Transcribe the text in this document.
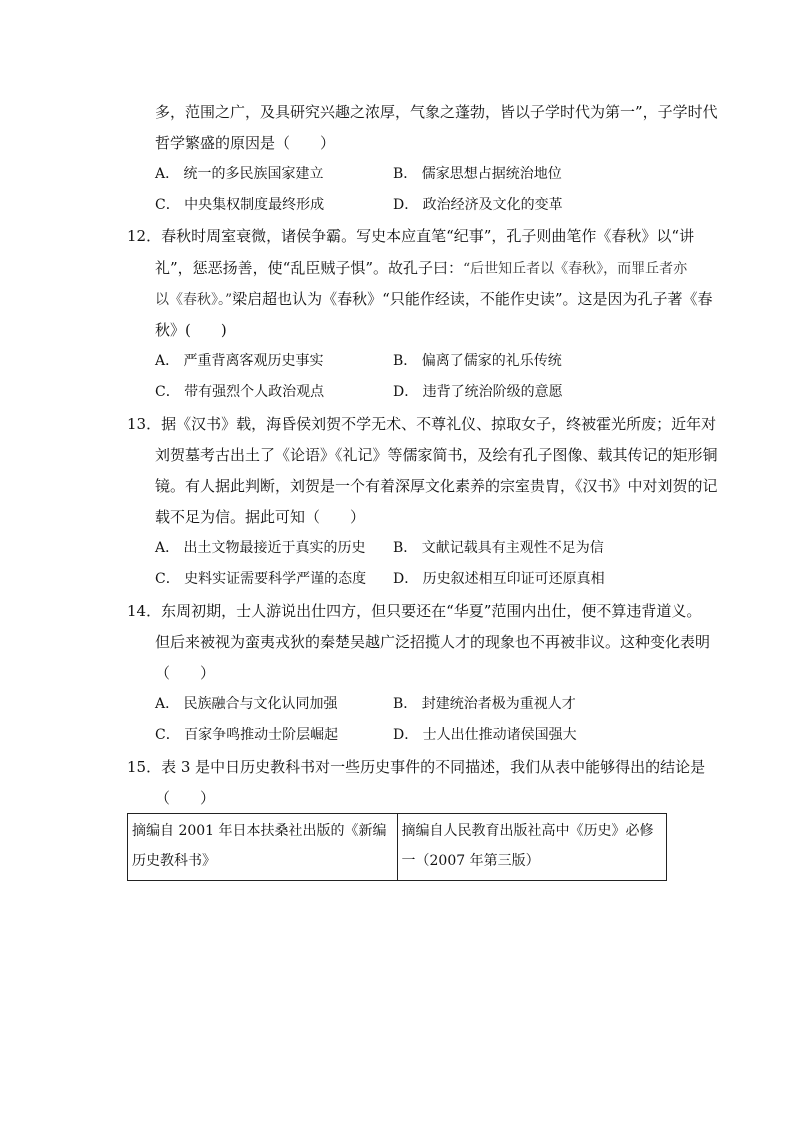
多，范围之广，及具研究兴趣之浓厚，气象之蓬勃，皆以子学时代为第一”，子学时代
哲学繁盛的原因是（　　）
A． 统一的多民族国家建立	B． 儒家思想占据统治地位
C． 中央集权制度最终形成	D． 政治经济及文化的变革
12．春秋时周室衰微，诸侯争霸。写史本应直笔“纪事”，孔子则曲笔作《春秋》以“讲
礼”，惩恶扬善，使“乱臣贼子惧”。故孔子曰：“后世知丘者以《春秋》，而罪丘者亦
以《春秋》。”梁启超也认为《春秋》“只能作经读，不能作史读”。这是因为孔子著《春
秋》(　　)
A． 严重背离客观历史事实	B． 偏离了儒家的礼乐传统
C． 带有强烈个人政治观点	D． 违背了统治阶级的意愿
13．据《汉书》载，海昏侯刘贺不学无术、不尊礼仪、掠取女子，终被霍光所废；近年对
刘贺墓考古出土了《论语》《礼记》等儒家简书，及绘有孔子图像、载其传记的矩形铜
镜。有人据此判断，刘贺是一个有着深厚文化素养的宗室贵胄，《汉书》中对刘贺的记
载不足为信。据此可知（　　）
A． 出土文物最接近于真实的历史 B． 文献记载具有主观性不足为信
C． 史料实证需要科学严谨的态度 D． 历史叙述相互印证可还原真相
14．东周初期，士人游说出仕四方，但只要还在“华夏”范围内出仕，便不算违背道义。
但后来被视为蛮夷戎狄的秦楚吴越广泛招揽人才的现象也不再被非议。这种变化表明
（　　）
A． 民族融合与文化认同加强	B． 封建统治者极为重视人才
C． 百家争鸣推动士阶层崛起	D． 士人出仕推动诸侯国强大
15．表 3 是中日历史教科书对一些历史事件的不同描述，我们从表中能够得出的结论是
（　　）
摘编自 2001 年日本扶桑社出版的《新编历史教科书》	摘编自人民教育出版社高中《历史》必修一（2007 年第三版）
